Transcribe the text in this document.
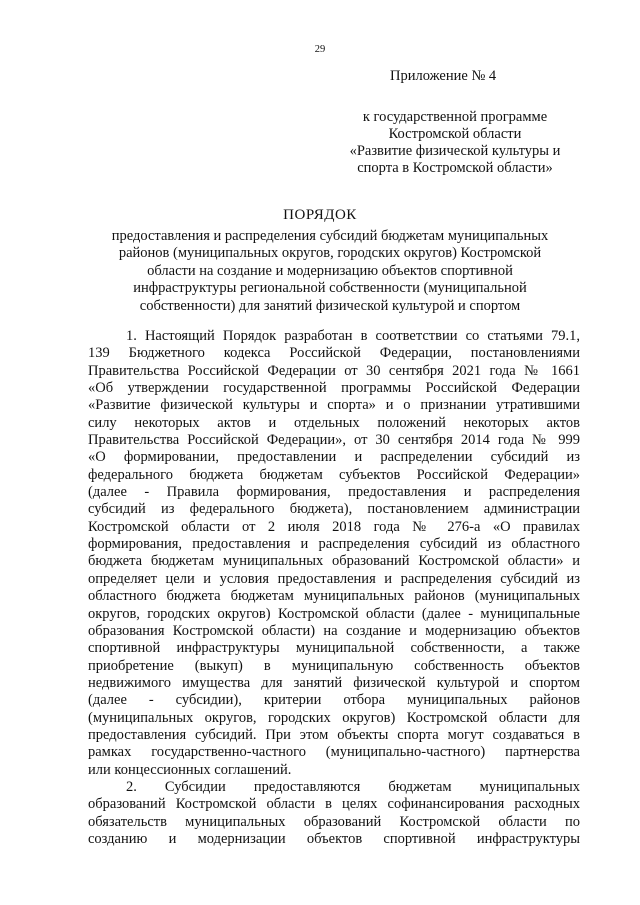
29
Приложение № 4
к государственной программе
Костромской области
«Развитие физической культуры и
спорта в Костромской области»
ПОРЯДОК
предоставления и распределения субсидий бюджетам муниципальных
районов (муниципальных округов, городских округов) Костромской
области на создание и модернизацию объектов спортивной
инфраструктуры региональной собственности (муниципальной
собственности) для занятий физической культурой и спортом
1. Настоящий Порядок разработан в соответствии со статьями 79.1,
139 Бюджетного кодекса Российской Федерации, постановлениями
Правительства Российской Федерации от 30 сентября 2021 года № 1661
«Об утверждении государственной программы Российской Федерации
«Развитие физической культуры и спорта» и о признании утратившими
силу некоторых актов и отдельных положений некоторых актов
Правительства Российской Федерации», от 30 сентября 2014 года № 999
«О формировании, предоставлении и распределении субсидий из
федерального бюджета бюджетам субъектов Российской Федерации»
(далее - Правила формирования, предоставления и распределения
субсидий из федерального бюджета), постановлением администрации
Костромской области от 2 июля 2018 года № 276-а «О правилах
формирования, предоставления и распределения субсидий из областного
бюджета бюджетам муниципальных образований Костромской области» и
определяет цели и условия предоставления и распределения субсидий из
областного бюджета бюджетам муниципальных районов (муниципальных
округов, городских округов) Костромской области (далее - муниципальные
образования Костромской области) на создание и модернизацию объектов
спортивной инфраструктуры муниципальной собственности, а также
приобретение (выкуп) в муниципальную собственность объектов
недвижимого имущества для занятий физической культурой и спортом
(далее - субсидии), критерии отбора муниципальных районов
(муниципальных округов, городских округов) Костромской области для
предоставления субсидий. При этом объекты спорта могут создаваться в
рамках государственно-частного (муниципально-частного) партнерства
или концессионных соглашений.
2. Субсидии предоставляются бюджетам муниципальных
образований Костромской области в целях софинансирования расходных
обязательств муниципальных образований Костромской области по
созданию и модернизации объектов спортивной инфраструктуры
